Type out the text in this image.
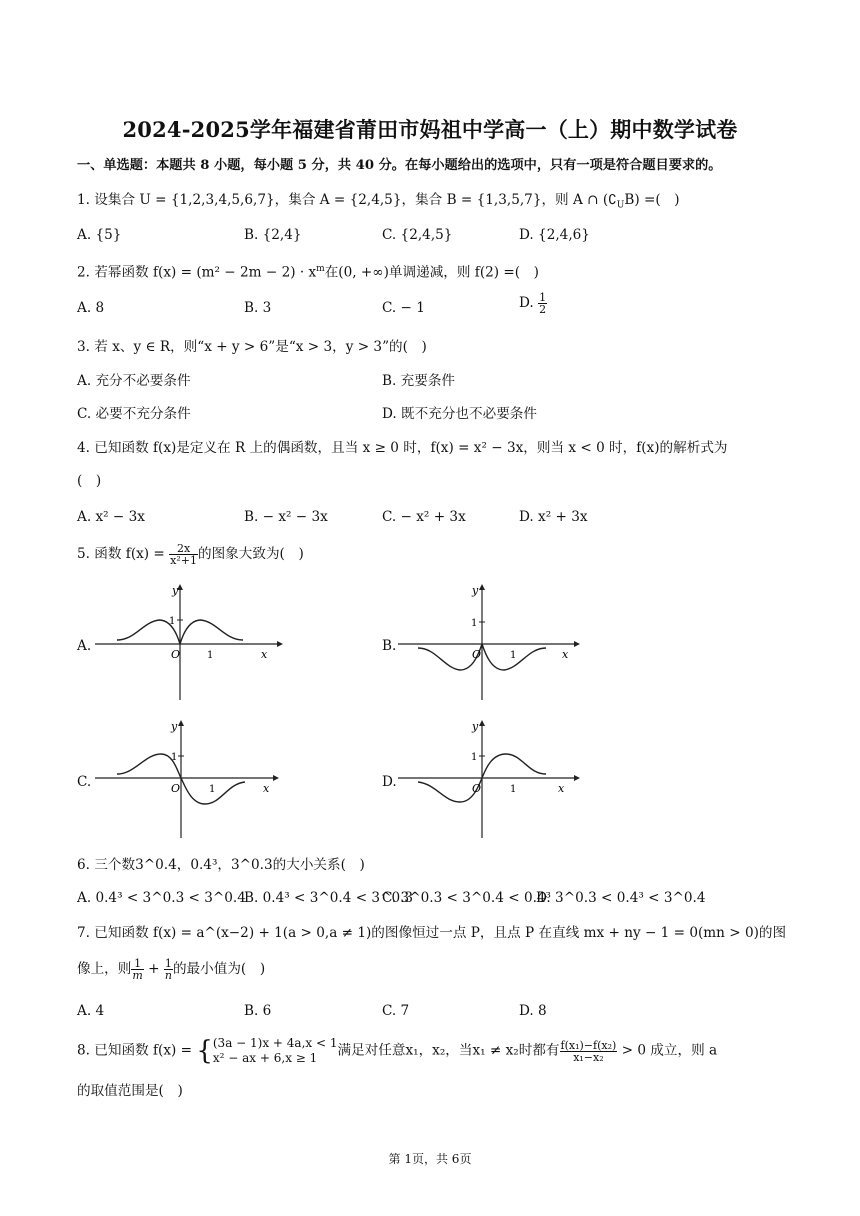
2024-2025学年福建省莆田市妈祖中学高一（上）期中数学试卷
一、单选题：本题共 8 小题，每小题 5 分，共 40 分。在每小题给出的选项中，只有一项是符合题目要求的。
1. 设集合 U = {1,2,3,4,5,6,7}，集合 A = {2,4,5}，集合 B = {1,3,5,7}，则 A ∩ $(∁_UB)$ =(　)
A. {5}	B. {2,4}	C. {2,4,5}	D. {2,4,6}
2. 若幂函数 $f(x) = (m^2 - 2m - 2) \cdot x^m$在(0, +∞)单调递减，则 f(2) =(　)
A. 8	B. 3	C. − 1	D. $\frac{1}{2}$
3. 若 x、y ∈ R，则“x + y > 6”是“x > 3，y > 3”的(　)
A. 充分不必要条件	B. 充要条件
C. 必要不充分条件	D. 既不充分也不必要条件
4. 已知函数 f(x)是定义在 R 上的偶函数，且当 x ≥ 0 时，f(x) = x² − 3x，则当 x < 0 时，f(x)的解析式为
(　)
A. x² − 3x	B. − x² − 3x	C. − x² + 3x	D. x² + 3x
5. 函数 $f(x) = \frac{2x}{\text{x²+1}}$ 的图象大致为(　)
A.
y
1
O	1	x
B.
y
1
O	1	x
C.
y
1
O	1	x	D.
y
1
O	1	x
6. 三个数3^0.4，0.4³，3^0.3的大小关系(　)
A. 0.4³ < 3^0.3 < 3^0.4
B. 0.4³ < 3^0.4 < 3^0.3
C. 3^0.3 < 3^0.4 < 0.4³
D. 3^0.3 < 0.4³ < 3^0.4
7. 已知函数 f(x) = a^(x−2) + 1(a > 0,a ≠ 1)的图像恒过一点 P，且点 P 在直线 mx + ny − 1 = 0(mn > 0)的图
像上，则 $\frac{1}{m} + \frac{1}{n}$ 的最小值为(　)
A. 4	B. 6	C. 7	D. 8
8. 已知函数 f(x) = {(3a − 1)x + 4a,x < 1
x² − ax + 6,x ≥ 1 满足对任意x₁，x₂，当x₁ ≠ x₂时都有 $\frac{\text{f(x₁)−f(x₂)}}{\text{x₁−x₂}} > 0$ 成立，则 a
的取值范围是(　)
第 1页，共 6页
